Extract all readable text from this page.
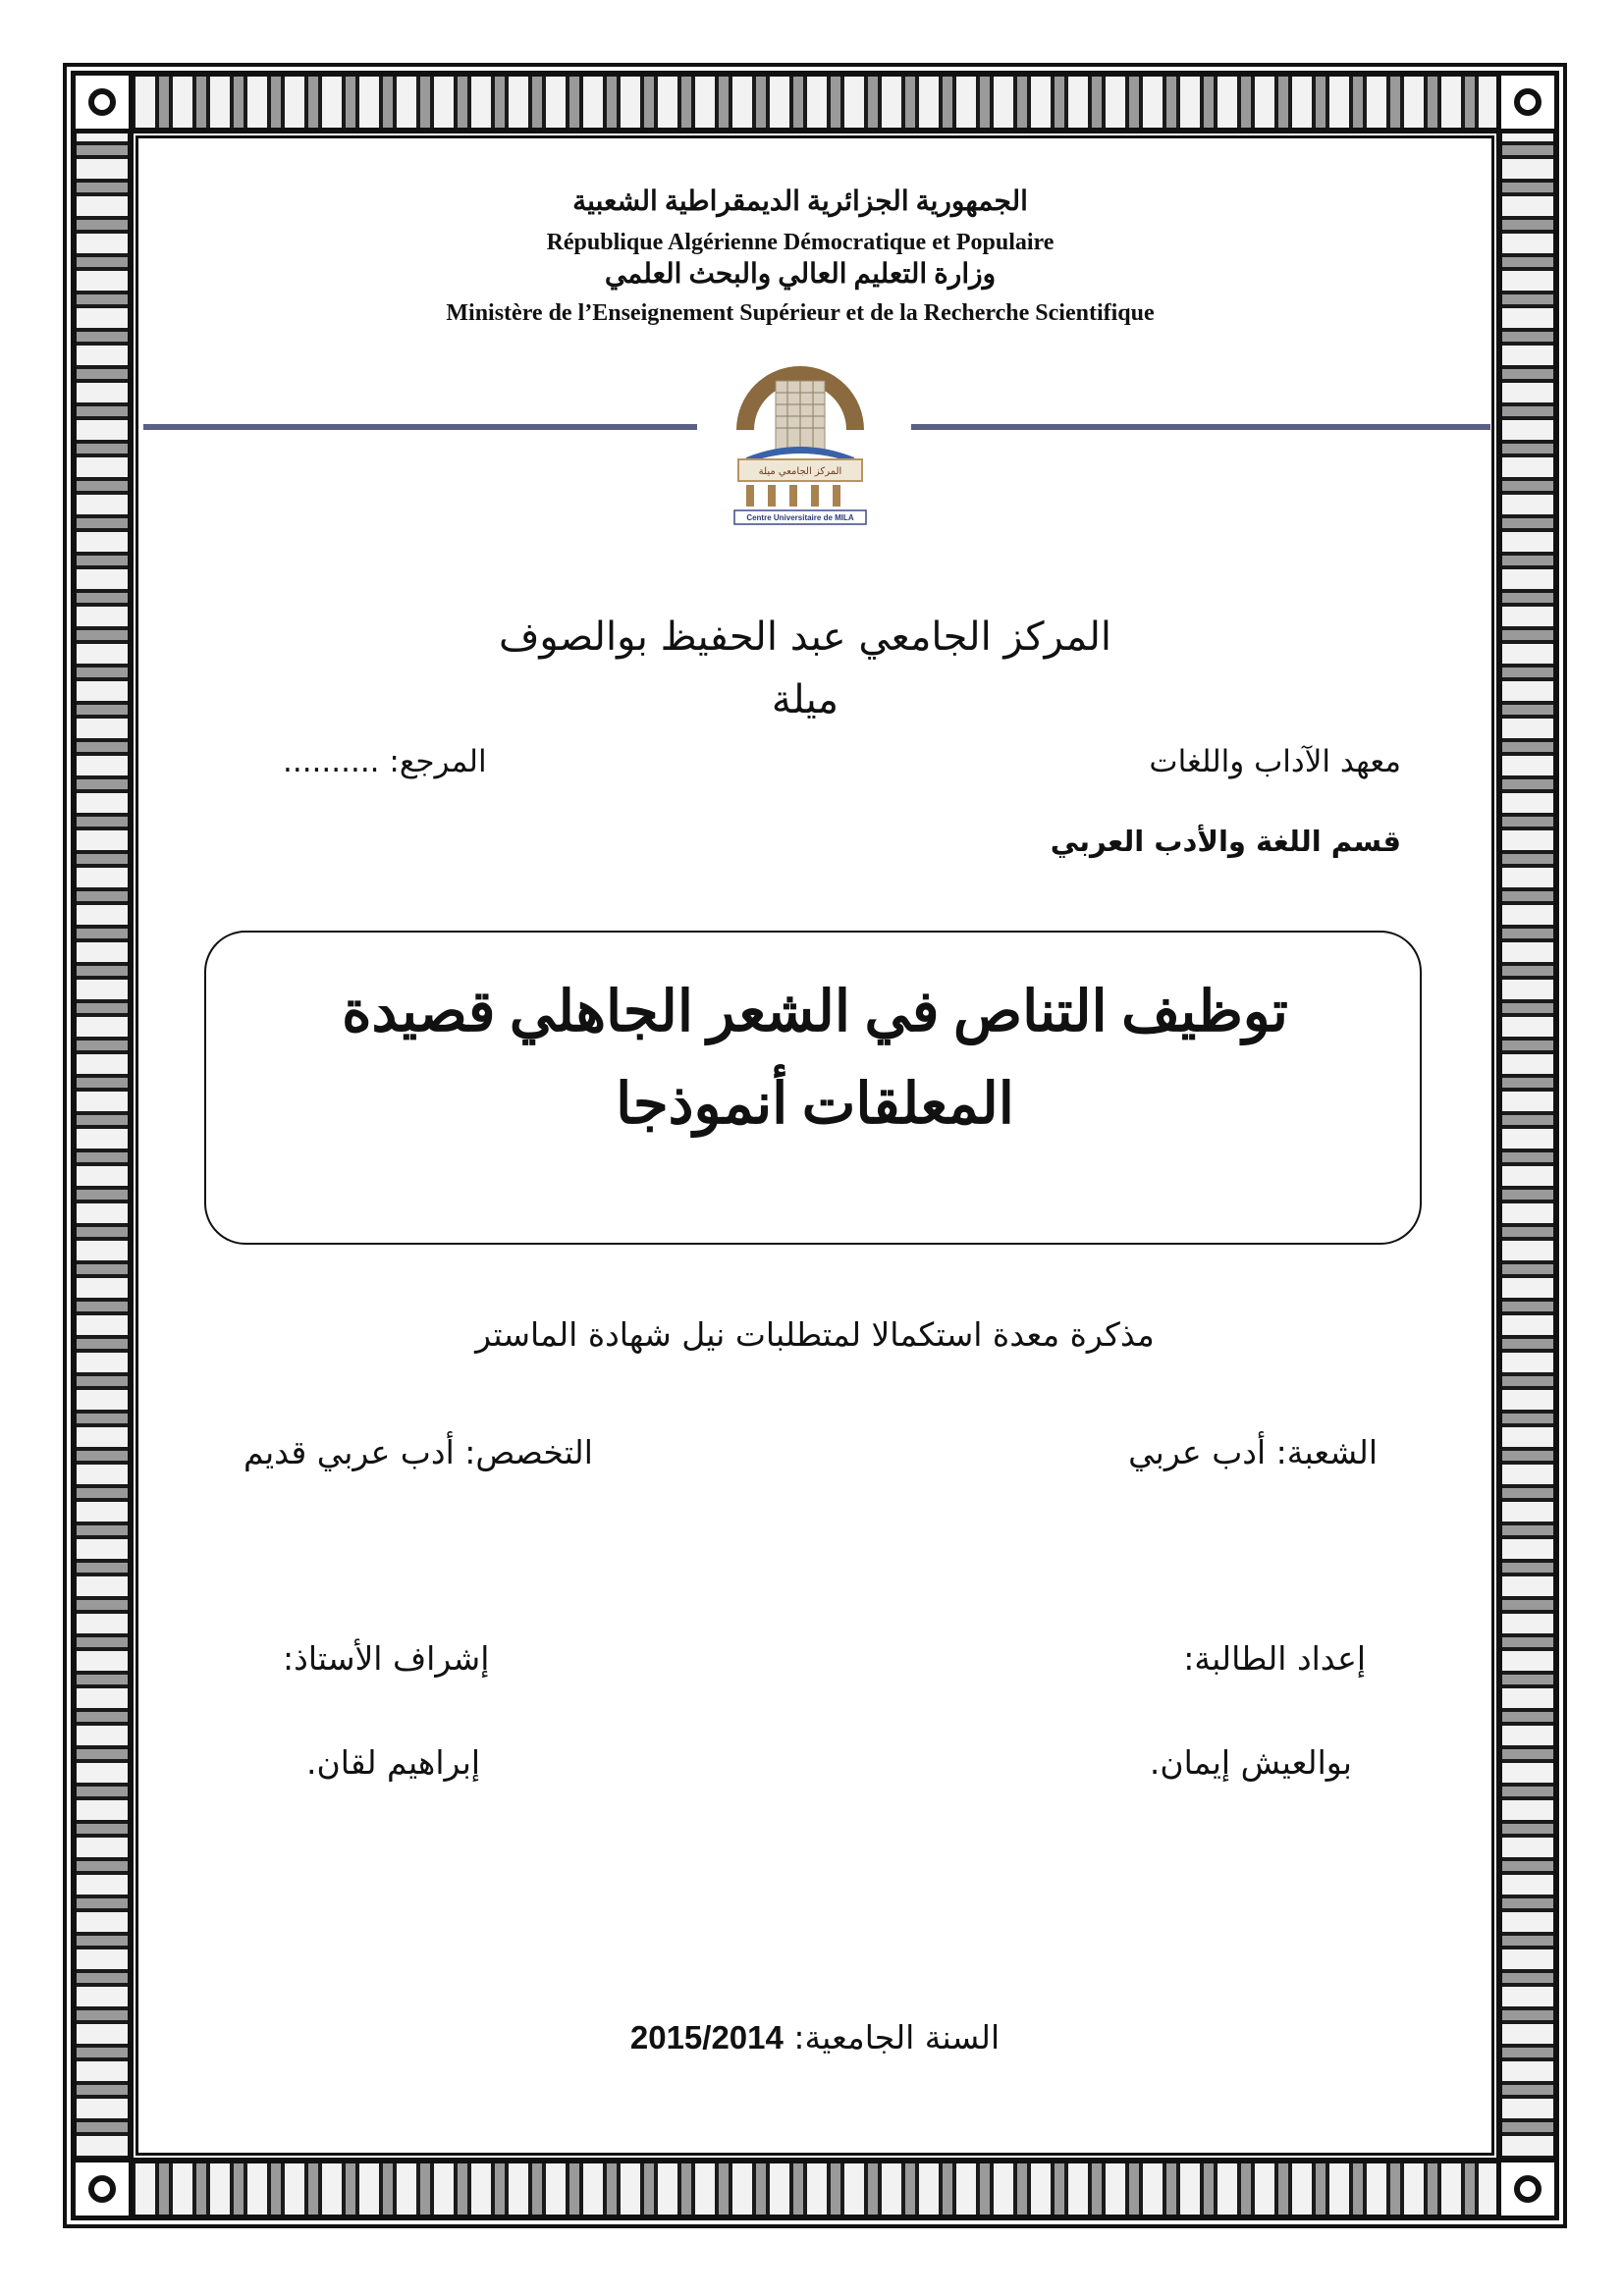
ﺍﻟﺠﻤﻬﻮﺭﻳﺔ ﺍﻟﺠﺰﺍﺋﺮﻳﺔ ﺍﻟﺪﻳﻤﻘﺮﺍﻃﻴﺔ ﺍﻟﺸﻌﺒﻴﺔ
République Algérienne Démocratique et Populaire
ﻭﺯﺍﺭﺓ ﺍﻟﺘﻌﻠﻴﻢ ﺍﻟﻌﺎﻟﻲ ﻭﺍﻟﺒﺤﺚ ﺍﻟﻌﻠﻤﻲ
Ministère de l’Enseignement Supérieur et de la Recherche Scientifique
المركز الجامعي ميلة
Centre Universitaire de MILA
المركز الجامعي عبد الحفيظ بوالصوف
ميلة
معهد الآداب واللغات
المرجع: ..........
قسم اللغة والأدب العربي
ﺗﻮﻇﻴﻒ ﺍﻟﺘﻨﺎﺹ ﻓﻲ ﺍﻟﺸﻌﺮ ﺍﻟﺠﺎﻫﻠﻲ ﻗﺼﻴﺪﺓ
ﺍﻟﻤﻌﻠﻘﺎﺕ ﺃﻧﻤﻮﺫﺟﺎ
مذكرة معدة استكمالا لمتطلبات نيل شهادة الماستر
الشعبة: أدب عربي
التخصص: أدب عربي قديم
إعداد الطالبة:
إشراف الأستاذ:
بوالعيش إيمان.
إبراهيم لقان.
السنة الجامعية: 2015/2014
